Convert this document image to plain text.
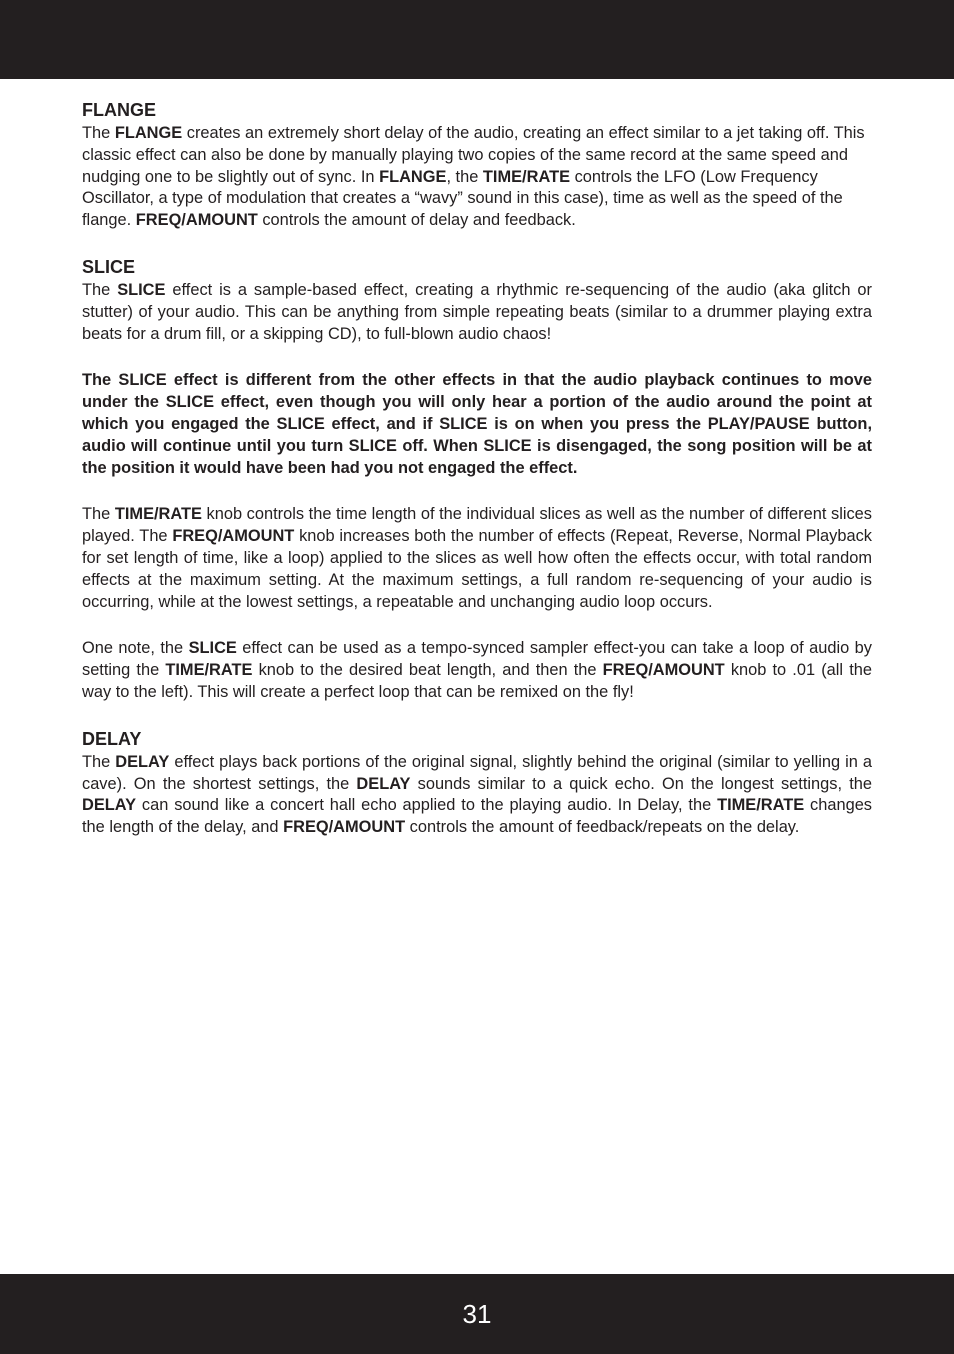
FLANGE

The FLANGE creates an extremely short delay of the audio, creating an effect similar to a jet taking off. This classic effect can also be done by manually playing two copies of the same record at the same speed and nudging one to be slightly out of sync. In FLANGE, the TIME/RATE controls the LFO (Low Frequency Oscillator, a type of modulation that creates a “wavy” sound in this case), time as well as the speed of the flange. FREQ/AMOUNT controls the amount of delay and feedback.

SLICE

The SLICE effect is a sample-based effect, creating a rhythmic re-sequencing of the audio (aka glitch or stutter) of your audio. This can be anything from simple repeating beats (similar to a drummer playing extra beats for a drum fill, or a skipping CD), to full-blown audio chaos!

The SLICE effect is different from the other effects in that the audio playback continues to move under the SLICE effect, even though you will only hear a portion of the audio around the point at which you engaged the SLICE effect, and if SLICE is on when you press the PLAY/PAUSE button, audio will continue until you turn SLICE off. When SLICE is disengaged, the song position will be at the position it would have been had you not engaged the effect.

The TIME/RATE knob controls the time length of the individual slices as well as the number of different slices played. The FREQ/AMOUNT knob increases both the number of effects (Repeat, Reverse, Normal Playback for set length of time, like a loop) applied to the slices as well how often the effects occur, with total random effects at the maximum setting. At the maximum settings, a full random re-sequencing of your audio is occurring, while at the lowest settings, a repeatable and unchanging audio loop occurs.

One note, the SLICE effect can be used as a tempo-synced sampler effect-you can take a loop of audio by setting the TIME/RATE knob to the desired beat length, and then the FREQ/AMOUNT knob to .01 (all the way to the left). This will create a perfect loop that can be remixed on the fly!

DELAY

The DELAY effect plays back portions of the original signal, slightly behind the original (similar to yelling in a cave). On the shortest settings, the DELAY sounds similar to a quick echo. On the longest settings, the DELAY can sound like a concert hall echo applied to the playing audio. In Delay, the TIME/RATE changes the length of the delay, and FREQ/AMOUNT controls the amount of feedback/repeats on the delay.

31
